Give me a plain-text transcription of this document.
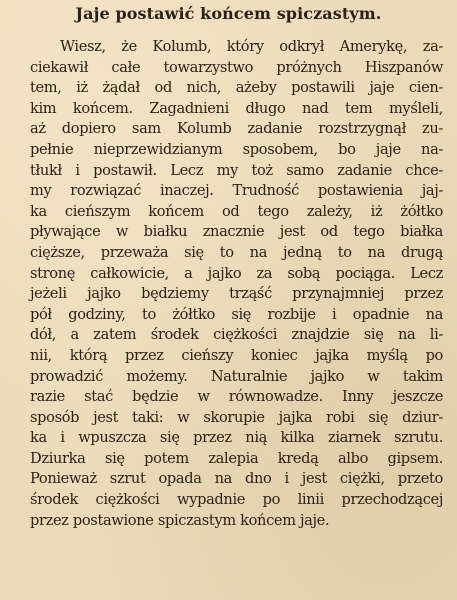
Jaje postawić końcem spiczastym.
Wiesz, że Kolumb, który odkrył Amerykę, za-
ciekawił całe towarzystwo próżnych Hiszpanów
tem, iż żądał od nich, ażeby postawili jaje cien-
kim końcem. Zagadnieni długo nad tem myśleli,
aż dopiero sam Kolumb zadanie rozstrzygnął zu-
pełnie nieprzewidzianym sposobem, bo jaje na-
tłukł i postawił. Lecz my toż samo zadanie chce-
my rozwiązać inaczej. Trudność postawienia jaj-
ka cieńszym końcem od tego zależy, iż żółtko
pływające w białku znacznie jest od tego białka
cięższe, przeważa się to na jedną to na drugą
stronę całkowicie, a jajko za sobą pociąga. Lecz
jeżeli jajko będziemy trząść przynajmniej przez
pół godziny, to żółtko się rozbije i opadnie na
dół, a zatem środek ciężkości znajdzie się na li-
nii, którą przez cieńszy koniec jajka myślą po
prowadzić możemy. Naturalnie jajko w takim
razie stać będzie w równowadze. Inny jeszcze
sposób jest taki: w skorupie jajka robi się dziur-
ka i wpuszcza się przez nią kilka ziarnek szrutu.
Dziurka się potem zalepia kredą albo gipsem.
Ponieważ szrut opada na dno i jest ciężki, przeto
środek ciężkości wypadnie po linii przechodzącej
przez postawione spiczastym końcem jaje.
